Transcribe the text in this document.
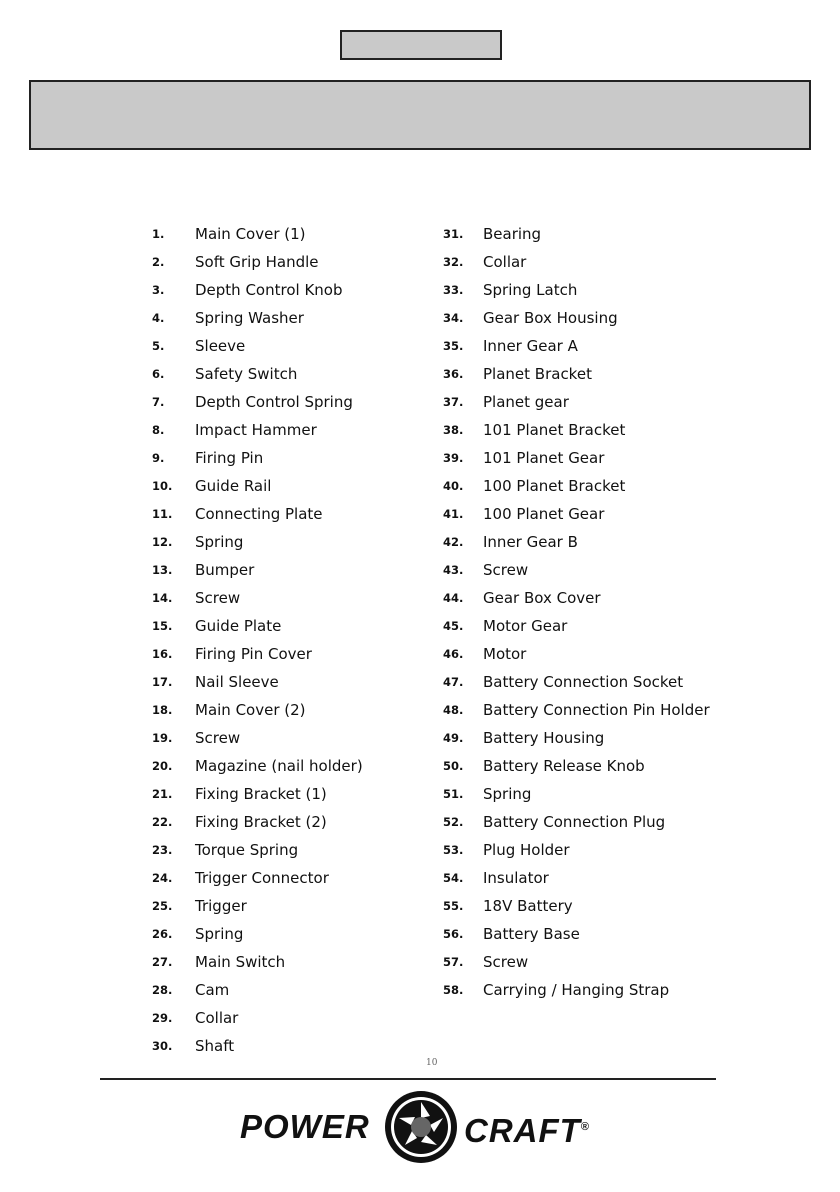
1. Main Cover (1)
2. Soft Grip Handle
3. Depth Control Knob
4. Spring Washer
5. Sleeve
6. Safety Switch
7. Depth Control Spring
8. Impact Hammer
9. Firing Pin
10. Guide Rail
11. Connecting Plate
12. Spring
13. Bumper
14. Screw
15. Guide Plate
16. Firing Pin Cover
17. Nail Sleeve
18. Main Cover (2)
19. Screw
20. Magazine (nail holder)
21. Fixing Bracket (1)
22. Fixing Bracket (2)
23. Torque Spring
24. Trigger Connector
25. Trigger
26. Spring
27. Main Switch
28. Cam
29. Collar
30. Shaft
31. Bearing
32. Collar
33. Spring Latch
34. Gear Box Housing
35. Inner Gear A
36. Planet Bracket
37. Planet gear
38. 101 Planet Bracket
39. 101 Planet Gear
40. 100 Planet Bracket
41. 100 Planet Gear
42. Inner Gear B
43. Screw
44. Gear Box Cover
45. Motor Gear
46. Motor
47. Battery Connection Socket
48. Battery Connection Pin Holder
49. Battery Housing
50. Battery Release Knob
51. Spring
52. Battery Connection Plug
53. Plug Holder
54. Insulator
55. 18V Battery
56. Battery Base
57. Screw
58. Carrying / Hanging Strap
10
POWER	CRAFT®
